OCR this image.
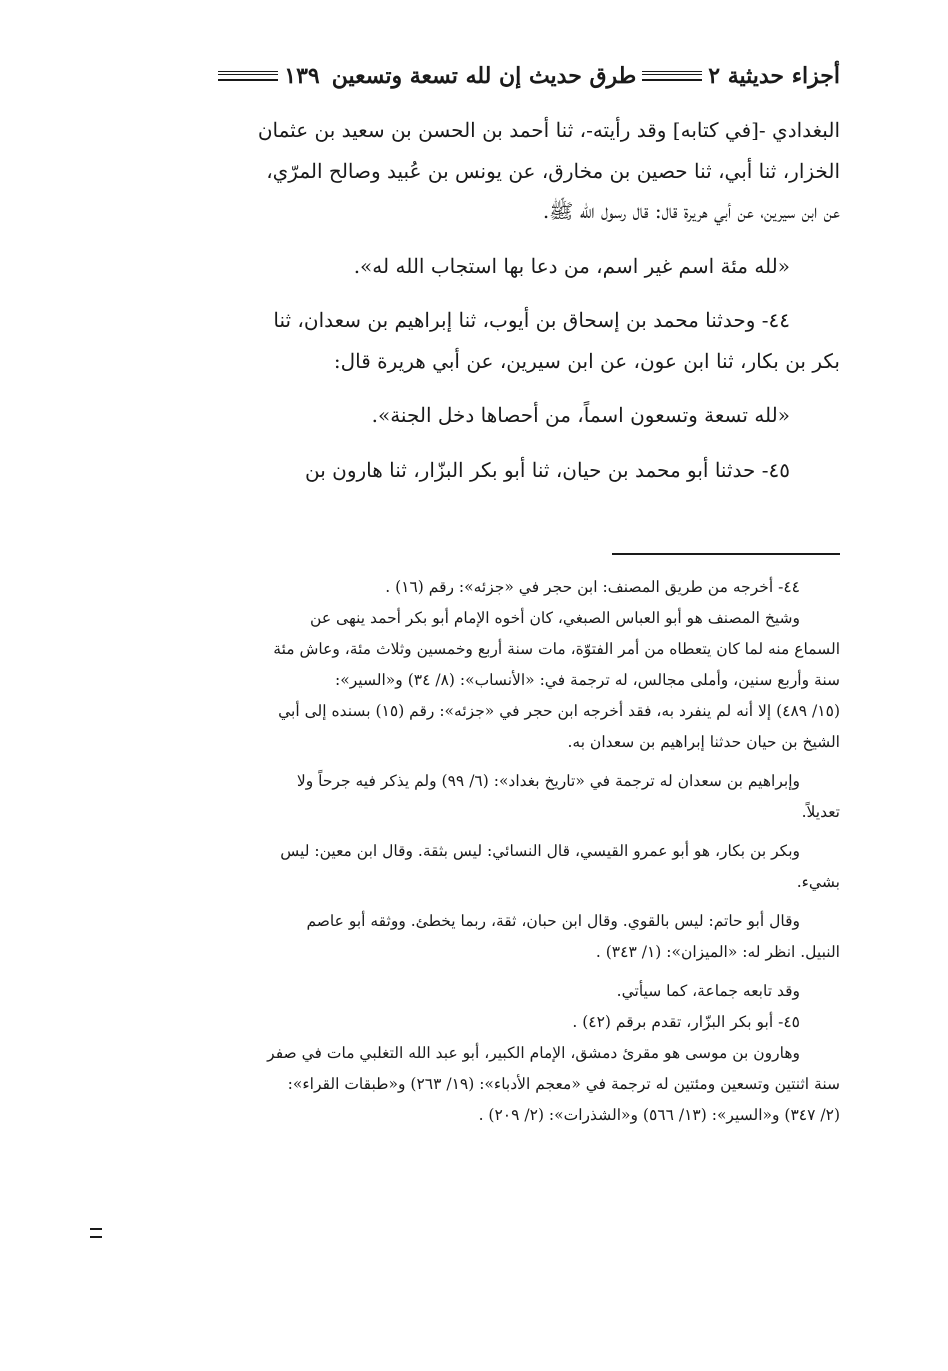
أجزاء حديثية ٢
طرق حديث إن لله تسعة وتسعين
١٣٩

البغدادي -[في كتابه] وقد رأيته-، ثنا أحمد بن الحسن بن سعيد بن عثمان

الخزار، ثنا أبي، ثنا حصين بن مخارق، عن يونس بن عُبيد وصالح المرّي،

عن ابن سيرين، عن أبي هريرة قال: قال رسول الله ﷺ.

«لله مئة اسم غير اسم، من دعا بها استجاب الله له».

٤٤- وحدثنا محمد بن إسحاق بن أيوب، ثنا إبراهيم بن سعدان، ثنا

بكر بن بكار، ثنا ابن عون، عن ابن سيرين، عن أبي هريرة قال:

«لله تسعة وتسعون اسماً، من أحصاها دخل الجنة».

٤٥- حدثنا أبو محمد بن حيان، ثنا أبو بكر البزّار، ثنا هارون بن

٤٤- أخرجه من طريق المصنف: ابن حجر في «جزئه»: رقم (١٦) .

وشيخ المصنف هو أبو العباس الصبغي، كان أخوه الإمام أبو بكر أحمد ينهى عن

السماع منه لما كان يتعطاه من أمر الفتوّة، مات سنة أربع وخمسين وثلاث مئة، وعاش مئة

سنة وأربع سنين، وأملى مجالس، له ترجمة في: «الأنساب»: (٨/ ٣٤) و«السير»:

(١٥/ ٤٨٩) إلا أنه لم ينفرد به، فقد أخرجه ابن حجر في «جزئه»: رقم (١٥) بسنده إلى أبي

الشيخ بن حيان حدثنا إبراهيم بن سعدان به.

وإبراهيم بن سعدان له ترجمة في «تاريخ بغداد»: (٦/ ٩٩) ولم يذكر فيه جرحاً ولا

تعديلاً.

وبكر بن بكار، هو أبو عمرو القيسي، قال النسائي: ليس بثقة. وقال ابن معين: ليس

بشيء.

وقال أبو حاتم: ليس بالقوي. وقال ابن حبان، ثقة، ربما يخطئ. ووثقه أبو عاصم

النبيل. انظر له: «الميزان»: (١/ ٣٤٣) .

وقد تابعه جماعة، كما سيأتي.

٤٥- أبو بكر البزّار، تقدم برقم (٤٢) .

وهارون بن موسى هو مقرئ دمشق، الإمام الكبير، أبو عبد الله التغلبي مات في صفر

سنة اثنتين وتسعين ومئتين له ترجمة في «معجم الأدباء»: (١٩/ ٢٦٣) و«طبقات القراء»:

(٢/ ٣٤٧) و«السير»: (١٣/ ٥٦٦) و«الشذرات»: (٢/ ٢٠٩) .
